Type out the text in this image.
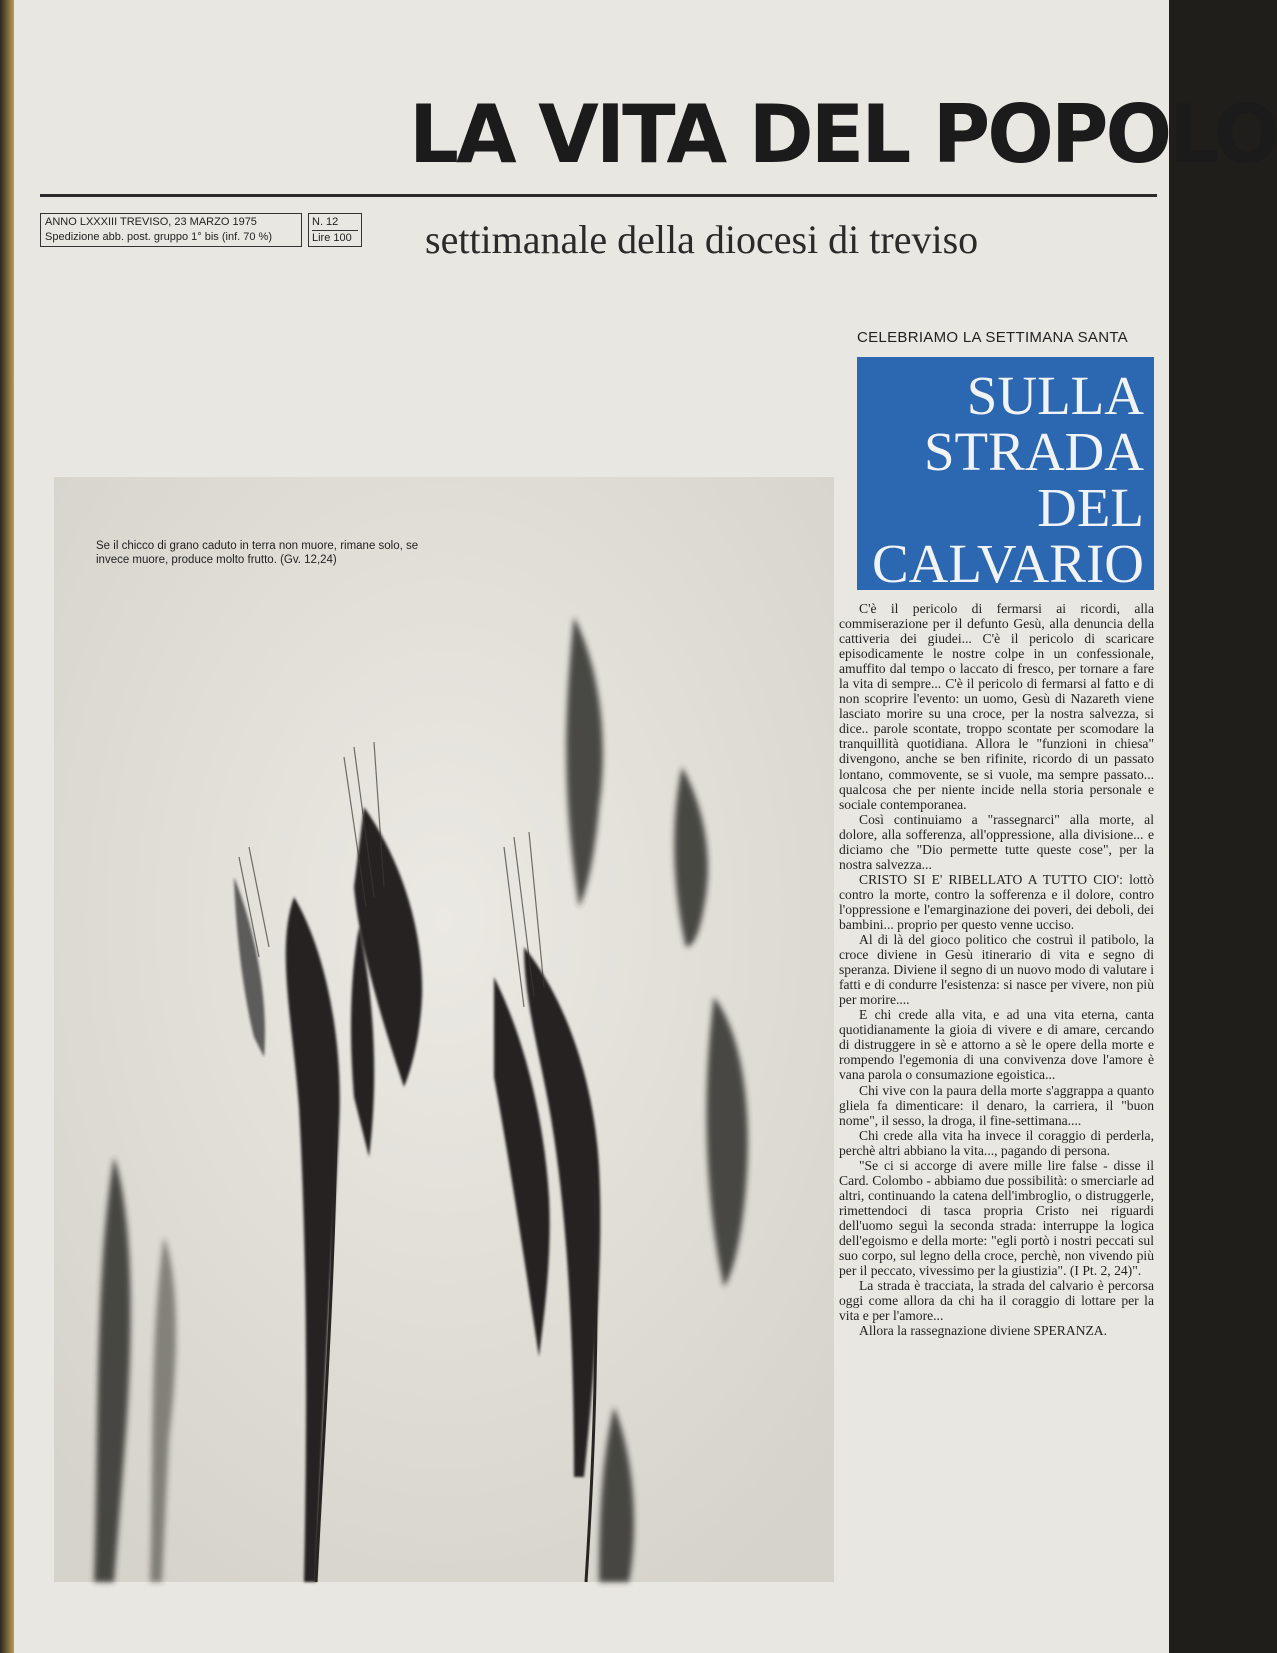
LA VITA DEL POPOLO
ANNO LXXXIII TREVISO, 23 MARZO 1975
Spedizione abb. post. gruppo 1° bis (inf. 70 %)
N. 12
Lire 100 settimanale della diocesi di treviso
CELEBRIAMO LA SETTIMANA SANTA
SULLA
STRADA
DEL
CALVARIO
Se il chicco di grano caduto in terra non muore, rimane solo, se invece muore, produce molto frutto. (Gv. 12,24)

C'è il pericolo di fermarsi ai ricordi, alla commiserazione per il defunto Gesù, alla denuncia della cattiveria dei giudei... C'è il pericolo di scaricare episodicamente le nostre colpe in un confessionale, amuffito dal tempo o laccato di fresco, per tornare a fare la vita di sempre... C'è il pericolo di fermarsi al fatto e di non scoprire l'evento: un uomo, Gesù di Nazareth viene lasciato morire su una croce, per la nostra salvezza, si dice.. parole scontate, troppo scontate per scomodare la tranquillità quotidiana. Allora le "funzioni in chiesa" divengono, anche se ben rifinite, ricordo di un passato lontano, commovente, se si vuole, ma sempre passato... qualcosa che per niente incide nella storia personale e sociale contemporanea.

Così continuiamo a "rassegnarci" alla morte, al dolore, alla sofferenza, all'oppressione, alla divisione... e diciamo che "Dio permette tutte queste cose", per la nostra salvezza...

CRISTO SI E' RIBELLATO A TUTTO CIO': lottò contro la morte, contro la sofferenza e il dolore, contro l'oppressione e l'emarginazione dei poveri, dei deboli, dei bambini... proprio per questo venne ucciso.

Al di là del gioco politico che costruì il patibolo, la croce diviene in Gesù itinerario di vita e segno di speranza. Diviene il segno di un nuovo modo di valutare i fatti e di condurre l'esistenza: si nasce per vivere, non più per morire....

E chi crede alla vita, e ad una vita eterna, canta quotidianamente la gioia di vivere e di amare, cercando di distruggere in sè e attorno a sè le opere della morte e rompendo l'egemonia di una convivenza dove l'amore è vana parola o consumazione egoistica...

Chi vive con la paura della morte s'aggrappa a quanto gliela fa dimenticare: il denaro, la carriera, il "buon nome", il sesso, la droga, il fine-settimana....

Chi crede alla vita ha invece il coraggio di perderla, perchè altri abbiano la vita..., pagando di persona.

"Se ci si accorge di avere mille lire false - disse il Card. Colombo - abbiamo due possibilità: o smerciarle ad altri, continuando la catena dell'imbroglio, o distruggerle, rimettendoci di tasca propria Cristo nei riguardi dell'uomo seguì la seconda strada: interruppe la logica dell'egoismo e della morte: "egli portò i nostri peccati sul suo corpo, sul legno della croce, perchè, non vivendo più per il peccato, vivessimo per la giustizia". (I Pt. 2, 24)".

La strada è tracciata, la strada del calvario è percorsa oggi come allora da chi ha il coraggio di lottare per la vita e per l'amore...

Allora la rassegnazione diviene SPERANZA.
